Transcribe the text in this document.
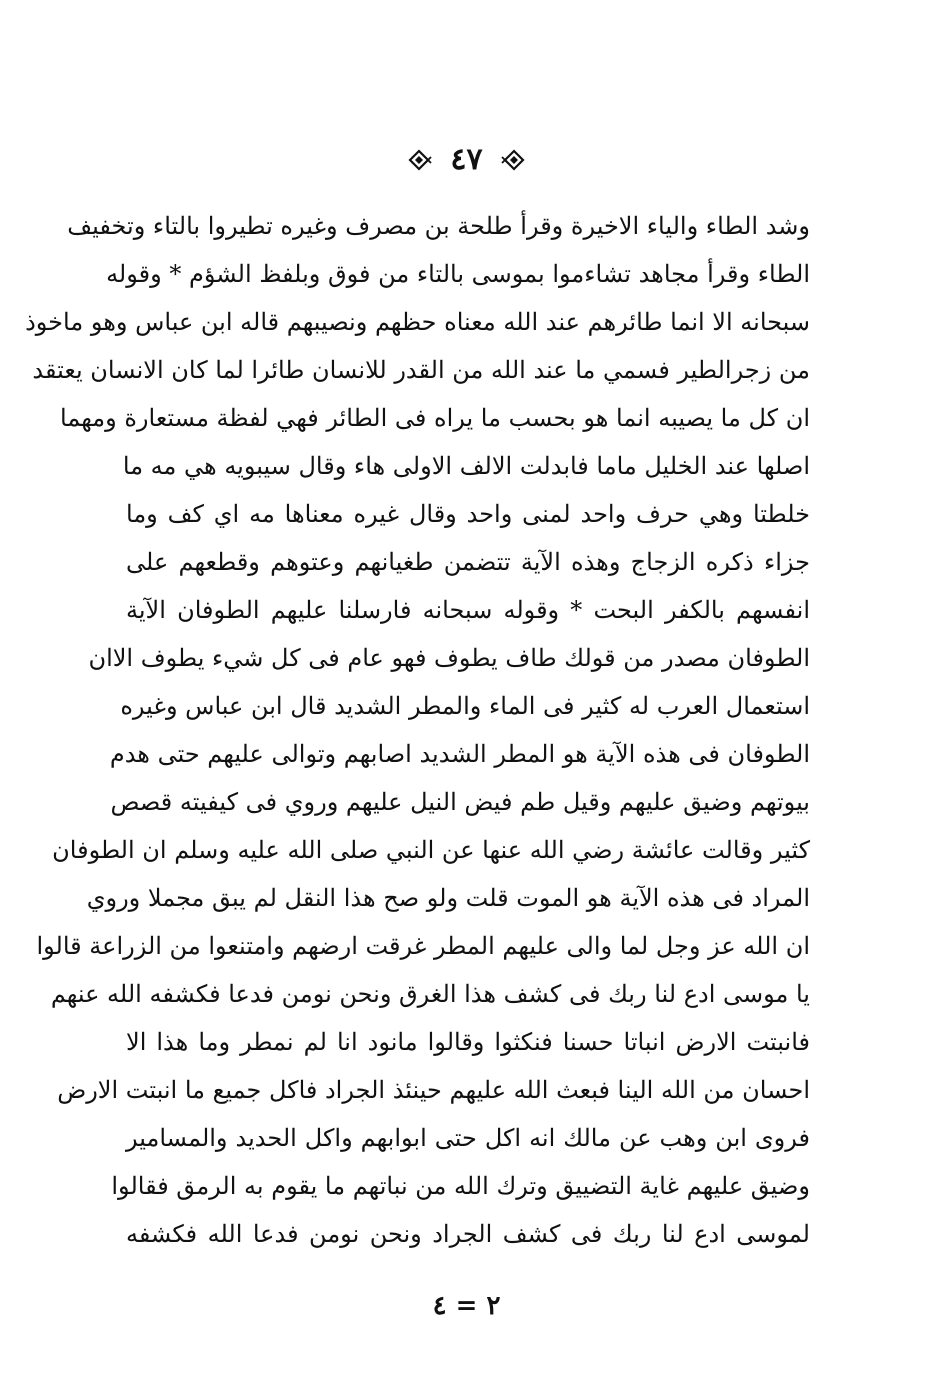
٤٧
وشد الطاء والياء الاخيرة وقرأ طلحة بن مصرف وغيره تطيروا بالتاء وتخفيف
الطاء وقرأ مجاهد تشاءموا بموسى بالتاء من فوق وبلفظ الشؤم * وقوله
سبحانه الا انما طائرهم عند الله معناه حظهم ونصيبهم قاله ابن عباس وهو ماخوذ
من زجرالطير فسمي ما عند الله من القدر للانسان طائرا لما كان الانسان يعتقد
ان كل ما يصيبه انما هو بحسب ما يراه فى الطائر فهي لفظة مستعارة ومهما
اصلها عند الخليل ماما فابدلت الالف الاولى هاء وقال سيبويه هي مه ما
خلطتا وهي حرف واحد لمنى واحد وقال غيره معناها مه اي كف وما
جزاء ذكره الزجاج وهذه الآية تتضمن طغيانهم وعتوهم وقطعهم على
انفسهم بالكفر البحت * وقوله سبحانه فارسلنا عليهم الطوفان الآية
الطوفان مصدر من قولك طاف يطوف فهو عام فى كل شيء يطوف الاان
استعمال العرب له كثير فى الماء والمطر الشديد قال ابن عباس وغيره
الطوفان فى هذه الآية هو المطر الشديد اصابهم وتوالى عليهم حتى هدم
بيوتهم وضيق عليهم وقيل طم فيض النيل عليهم وروي فى كيفيته قصص
كثير وقالت عائشة رضي الله عنها عن النبي صلى الله عليه وسلم ان الطوفان
المراد فى هذه الآية هو الموت قلت ولو صح هذا النقل لم يبق مجملا وروي
ان الله عز وجل لما والى عليهم المطر غرقت ارضهم وامتنعوا من الزراعة قالوا
يا موسى ادع لنا ربك فى كشف هذا الغرق ونحن نومن فدعا فكشفه الله عنهم
فانبتت الارض انباتا حسنا فنكثوا وقالوا مانود انا لم نمطر وما هذا الا
احسان من الله الينا فبعث الله عليهم حينئذ الجراد فاكل جميع ما انبتت الارض
فروى ابن وهب عن مالك انه اكل حتى ابوابهم واكل الحديد والمسامير
وضيق عليهم غاية التضييق وترك الله من نباتهم ما يقوم به الرمق فقالوا
لموسى ادع لنا ربك فى كشف الجراد ونحن نومن فدعا الله فكشفه
٢ = ٤
